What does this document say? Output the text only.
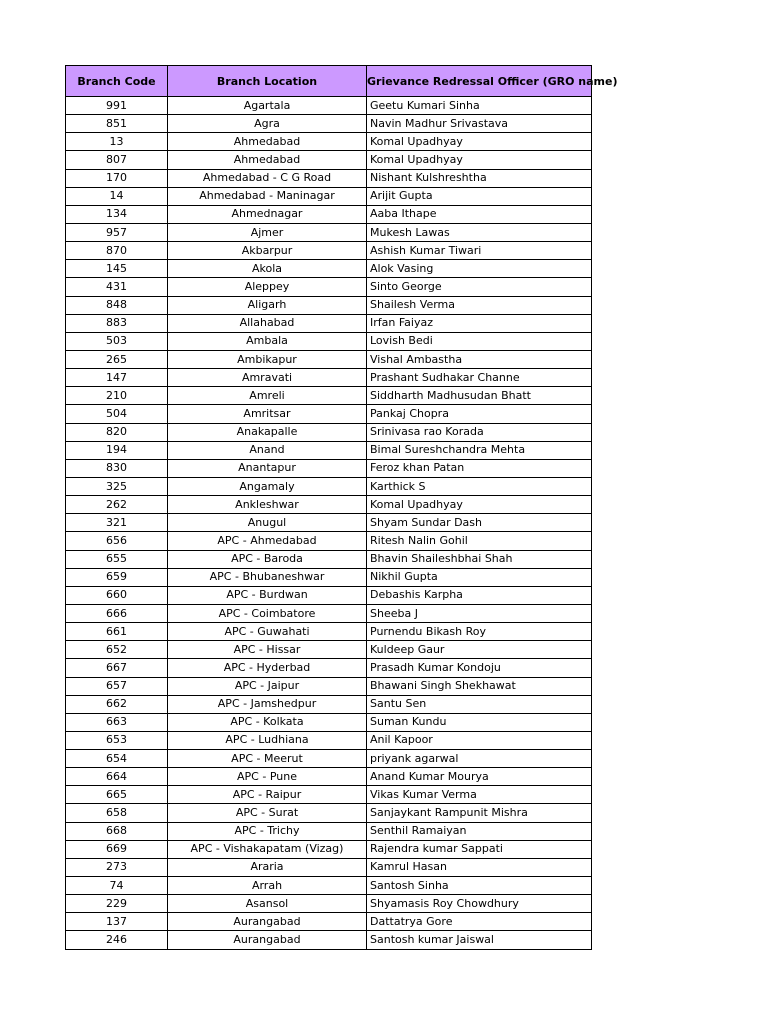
Branch Code	Branch Location	Grievance Redressal Officer (GRO name)
991	Agartala	Geetu Kumari Sinha
851	Agra	Navin Madhur Srivastava
13	Ahmedabad	Komal Upadhyay
807	Ahmedabad	Komal Upadhyay
170	Ahmedabad - C G Road	Nishant Kulshreshtha
14	Ahmedabad - Maninagar	Arijit Gupta
134	Ahmednagar	Aaba Ithape
957	Ajmer	Mukesh Lawas
870	Akbarpur	Ashish Kumar Tiwari
145	Akola	Alok Vasing
431	Aleppey	Sinto George
848	Aligarh	Shailesh Verma
883	Allahabad	Irfan Faiyaz
503	Ambala	Lovish Bedi
265	Ambikapur	Vishal Ambastha
147	Amravati	Prashant Sudhakar Channe
210	Amreli	Siddharth Madhusudan Bhatt
504	Amritsar	Pankaj Chopra
820	Anakapalle	Srinivasa rao Korada
194	Anand	Bimal Sureshchandra Mehta
830	Anantapur	Feroz khan Patan
325	Angamaly	Karthick S
262	Ankleshwar	Komal Upadhyay
321	Anugul	Shyam Sundar Dash
656	APC - Ahmedabad	Ritesh Nalin Gohil
655	APC - Baroda	Bhavin Shaileshbhai Shah
659	APC - Bhubaneshwar	Nikhil Gupta
660	APC - Burdwan	Debashis Karpha
666	APC - Coimbatore	Sheeba J
661	APC - Guwahati	Purnendu Bikash Roy
652	APC - Hissar	Kuldeep Gaur
667	APC - Hyderbad	Prasadh Kumar Kondoju
657	APC - Jaipur	Bhawani Singh Shekhawat
662	APC - Jamshedpur	Santu Sen
663	APC - Kolkata	Suman Kundu
653	APC - Ludhiana	Anil Kapoor
654	APC - Meerut	priyank agarwal
664	APC - Pune	Anand Kumar Mourya
665	APC - Raipur	Vikas Kumar Verma
658	APC - Surat	Sanjaykant Rampunit Mishra
668	APC - Trichy	Senthil Ramaiyan
669	APC - Vishakapatam (Vizag)	Rajendra kumar Sappati
273	Araria	Kamrul Hasan
74	Arrah	Santosh Sinha
229	Asansol	Shyamasis Roy Chowdhury
137	Aurangabad	Dattatrya Gore
246	Aurangabad	Santosh kumar Jaiswal
